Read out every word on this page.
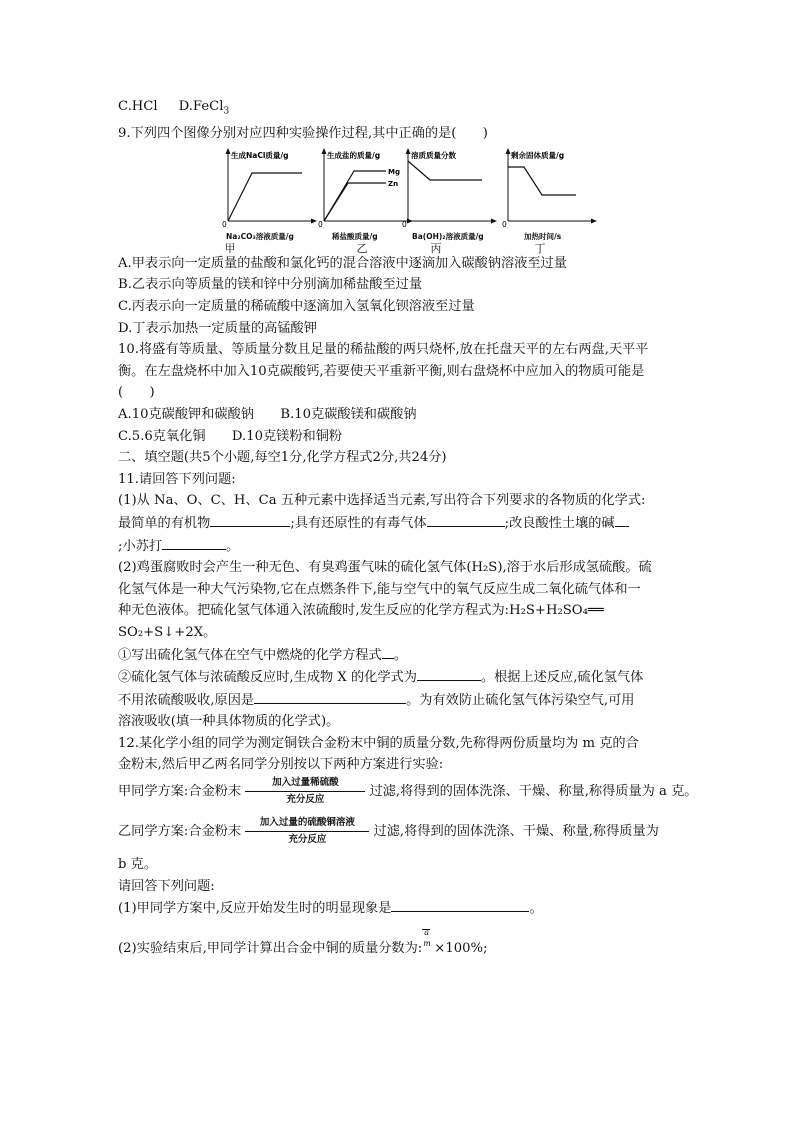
C.HCl D.FeCl$_3$
9.下列四个图像分别对应四种实验操作过程,其中正确的是(　　)
生成NaCl质量/g
0
Na₂CO₃溶液质量/g
甲
生成盐的质量/g
Mg
Zn
0
稀盐酸质量/g
乙
溶质质量分数
0
Ba(OH)₂溶液质量/g
丙
剩余固体质量/g
0
加热时间/s
丁
A.甲表示向一定质量的盐酸和氯化钙的混合溶液中逐滴加入碳酸钠溶液至过量
B.乙表示向等质量的镁和锌中分别滴加稀盐酸至过量
C.丙表示向一定质量的稀硫酸中逐滴加入氢氧化钡溶液至过量
D.丁表示加热一定质量的高锰酸钾
10.将盛有等质量、等质量分数且足量的稀盐酸的两只烧杯,放在托盘天平的左右两盘,天平平
衡。在左盘烧杯中加入10克碳酸钙,若要使天平重新平衡,则右盘烧杯中应加入的物质可能是
(　　)
A.10克碳酸钾和碳酸钠　　B.10克碳酸镁和碳酸钠
C.5.6克氧化铜　　D.10克镁粉和铜粉
二、填空题(共5个小题,每空1分,化学方程式2分,共24分)
11.请回答下列问题:
(1)从 Na、O、C、H、Ca 五种元素中选择适当元素,写出符合下列要求的各物质的化学式:
最简单的有机物	;具有还原性的有毒气体	;改良酸性土壤的碱
;小苏打	。
(2)鸡蛋腐败时会产生一种无色、有臭鸡蛋气味的硫化氢气体(H₂S),溶于水后形成氢硫酸。硫
化氢气体是一种大气污染物,它在点燃条件下,能与空气中的氧气反应生成二氧化硫气体和一
种无色液体。把硫化氢气体通入浓硫酸时,发生反应的化学方程式为:H₂S+H₂SO₄══
SO₂+S↓+2X。
①写出硫化氢气体在空气中燃烧的化学方程式 。
②硫化氢气体与浓硫酸反应时,生成物 X 的化学式为	。根据上述反应,硫化氢气体
不用浓硫酸吸收,原因是	。为有效防止硫化氢气体污染空气,可用
溶液吸收(填一种具体物质的化学式)。
12.某化学小组的同学为测定铜铁合金粉末中铜的质量分数,先称得两份质量均为 m 克的合
金粉末,然后甲乙两名同学分别按以下两种方案进行实验:
甲同学方案:合金粉末
加入过量稀硫酸
充分反应	过滤,将得到的固体洗涤、干燥、称量,称得质量为 a 克。
乙同学方案:合金粉末
加入过量的硫酸铜溶液
充分反应	过滤,将得到的固体洗涤、干燥、称量,称得质量为
b 克。
请回答下列问题:
(1)甲同学方案中,反应开始发生时的明显现象是	。
(2)实验结束后,甲同学计算出合金中铜的质量分数为:
a
m ×100%;
